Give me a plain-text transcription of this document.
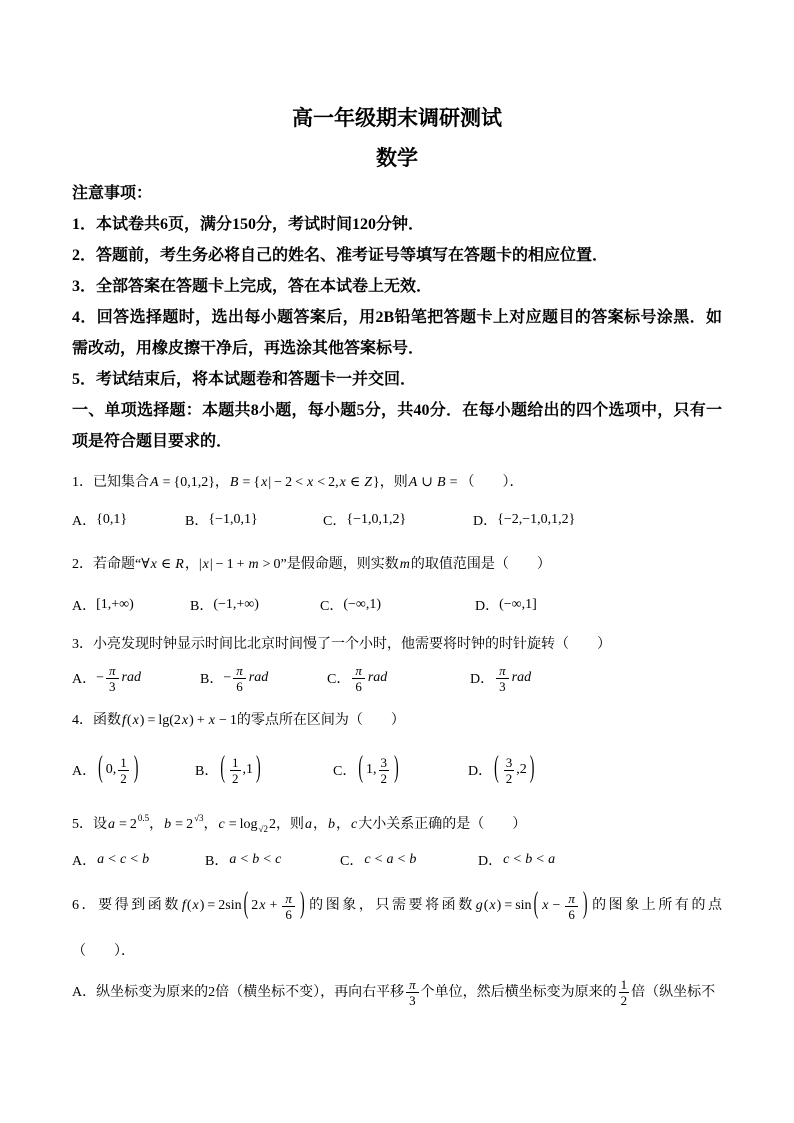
高一年级期末调研测试
数学
注意事项：
1．本试卷共6页，满分150分，考试时间120分钟．
2．答题前，考生务必将自己的姓名、准考证号等填写在答题卡的相应位置．
3．全部答案在答题卡上完成，答在本试卷上无效．
4．回答选择题时，选出每小题答案后，用2B铅笔把答题卡上对应题目的答案标号涂黑．如需改动，用橡皮擦干净后，再选涂其他答案标号．
5．考试结束后，将本试题卷和答题卡一并交回．
一、单项选择题：本题共8小题，每小题5分，共40分．在每小题给出的四个选项中，只有一项是符合题目要求的．
1． 已知集合A = {0,1,2}，B = {x| − 2 < x < 2,x ∈ Z}，则A ∪ B = （　　）．
A． {0,1}	B． {−1,0,1}	C． {−1,0,1,2}	D． {−2,−1,0,1,2}
2． 若命题“∀x ∈ R，|x| − 1 + m > 0”是假命题，则实数m的取值范围是（　　）
A． [1,+∞)	B． (−1,+∞)	C． (−∞,1)	D． (−∞,1]
3． 小亮发现时钟显示时间比北京时间慢了一个小时，他需要将时钟的时针旋转（　　）
A． − $\frac{\pi}{3}$ rad	B． − $\frac{\pi}{6}$ rad	C． $\frac{\pi}{6}$ rad	D． $\frac{\pi}{3}$ rad
4． 函数f(x) = lg(2x) + x − 1的零点所在区间为（　　）
A． ( 0, $\frac{1}{2}$ )	B． ( $\frac{1}{2} ,1$ )	C． ( 1, $\frac{3}{2}$ )	D． ( $\frac{3}{2} ,2$ )
5． 设$a = 2^{0.5}$，$b = 2^{√3}$，$c = \log_{√2}2$，则a，b，c大小关系正确的是（　　）
A． a < c < b	B． a < b < c	C． c < a < b	D． c < b < a
6．要得到函数f(x) = 2sin ( 2 $x + \frac{\pi}{6}$ ) 的图象，只需要将函数g(x) = sin ( $x - \frac{\pi}{6}$ ) 的图象上所有的点
（　　）．
A．纵坐标变为原来的2倍（横坐标不变），再向右平移 $\frac{\pi}{3}$ 个单位，然后横坐标变为原来的 $\frac{1}{2}$ 倍（纵坐标不
